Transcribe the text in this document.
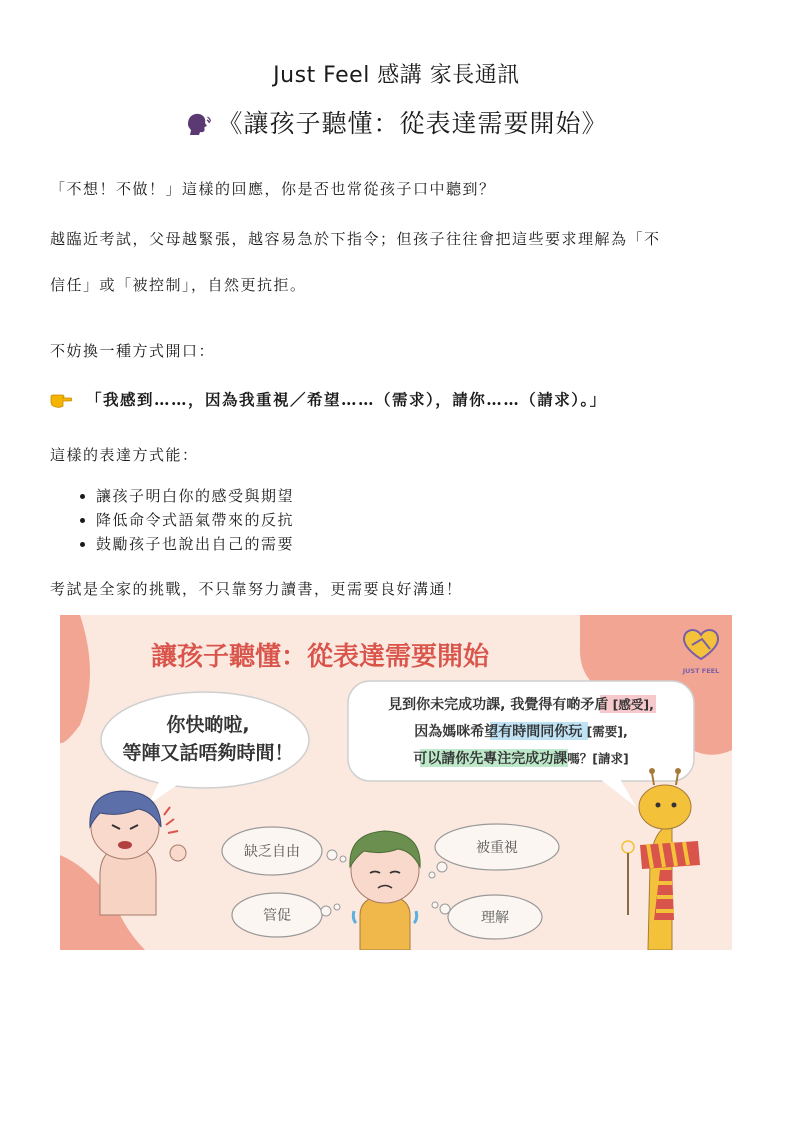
Just Feel 感講 家長通訊
《讓孩子聽懂：從表達需要開始》
「不想！不做！」這樣的回應，你是否也常從孩子口中聽到？
越臨近考試，父母越緊張，越容易急於下指令；但孩子往往會把這些要求理解為「不
信任」或「被控制」，自然更抗拒。
不妨換一種方式開口：
「我感到……，因為我重視／希望……（需求），請你……（請求）。」
這樣的表達方式能：
• 讓孩子明白你的感受與期望
• 降低命令式語氣帶來的反抗
• 鼓勵孩子也說出自己的需要
考試是全家的挑戰，不只靠努力讀書，更需要良好溝通！
讓孩子聽懂：從表達需要開始	JUST FEEL
你快啲啦,
等陣又話唔夠時間！
見到你未完成功課, 我覺得有啲矛盾 [感受],
因為媽咪希望有時間同你玩 [需要],
可以請你先專注完成功課嗎？[請求]
缺乏自由	被重視
管促	理解
